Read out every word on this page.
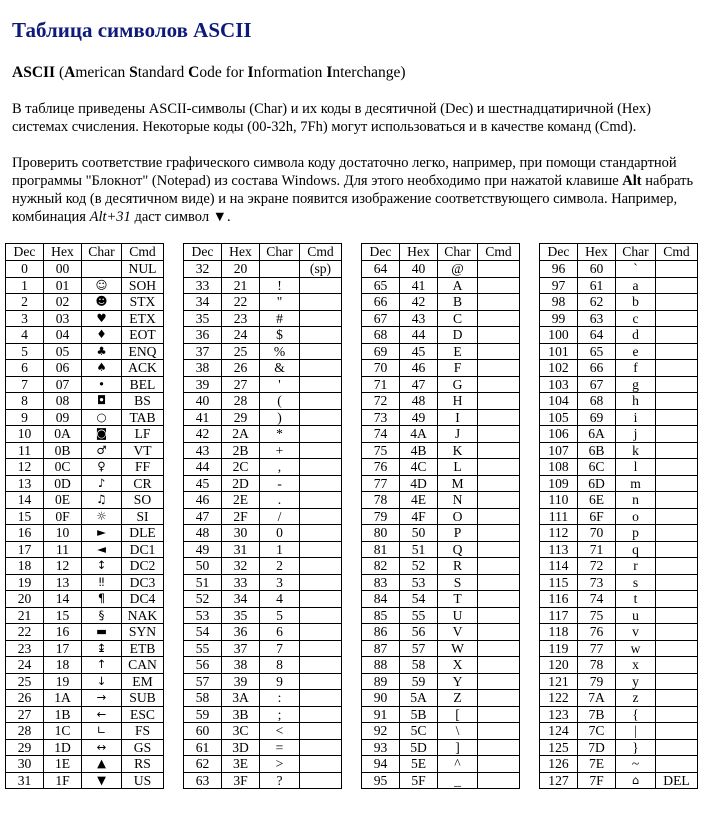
Таблица символов ASCII
ASCII (American Standard Code for Information Interchange)
В таблице приведены ASCII-символы (Char) и их коды в десятичной (Dec) и шестнадцатиричной (Hex) системах счисления. Некоторые коды (00-32h, 7Fh) могут использоваться и в качестве команд (Cmd).
Проверить соответствие графического символа коду достаточно легко, например, при помощи стандартной программы "Блокнот" (Notepad) из состава Windows. Для этого необходимо при нажатой клавише Alt набрать нужный код (в десятичном виде) и на экране появится изображение соответствующего символа. Например, комбинация Alt+31 даст символ ▼.
Dec	Hex	Char	Cmd
0	00		NUL
1	01	☺	SOH
2	02	☻	STX
3	03	♥	ETX
4	04	♦	EOT
5	05	♣	ENQ
6	06	♠	ACK
7	07	•	BEL
8	08	◘	BS
9	09	○	TAB
10	0A	◙	LF
11	0B	♂	VT
12	0C	♀	FF
13	0D	♪	CR
14	0E	♫	SO
15	0F	☼	SI
16	10	►	DLE
17	11	◄	DC1
18	12	↕	DC2
19	13	‼	DC3
20	14	¶	DC4
21	15	§	NAK
22	16	▬	SYN
23	17	↨	ETB
24	18	↑	CAN
25	19	↓	EM
26	1A	→	SUB
27	1B	←	ESC
28	1C	∟	FS
29	1D	↔	GS
30	1E	▲	RS
31	1F	▼	US
Dec	Hex	Char	Cmd
32	20		(sp)
33	21	!	
34	22	"	
35	23	#	
36	24	$	
37	25	%	
38	26	&	
39	27	'	
40	28	(	
41	29	)	
42	2A	*	
43	2B	+	
44	2C	,	
45	2D	-	
46	2E	.	
47	2F	/	
48	30	0	
49	31	1	
50	32	2	
51	33	3	
52	34	4	
53	35	5	
54	36	6	
55	37	7	
56	38	8	
57	39	9	
58	3A	:	
59	3B	;	
60	3C	<	
61	3D	=	
62	3E	>	
63	3F	?	
Dec	Hex	Char	Cmd
64	40	@	
65	41	A	
66	42	B	
67	43	C	
68	44	D	
69	45	E	
70	46	F	
71	47	G	
72	48	H	
73	49	I	
74	4A	J	
75	4B	K	
76	4C	L	
77	4D	M	
78	4E	N	
79	4F	O	
80	50	P	
81	51	Q	
82	52	R	
83	53	S	
84	54	T	
85	55	U	
86	56	V	
87	57	W	
88	58	X	
89	59	Y	
90	5A	Z	
91	5B	[	
92	5C	\	
93	5D	]	
94	5E	^	
95	5F	_	
Dec	Hex	Char	Cmd
96	60	`	
97	61	a	
98	62	b	
99	63	c	
100	64	d	
101	65	e	
102	66	f	
103	67	g	
104	68	h	
105	69	i	
106	6A	j	
107	6B	k	
108	6C	l	
109	6D	m	
110	6E	n	
111	6F	o	
112	70	p	
113	71	q	
114	72	r	
115	73	s	
116	74	t	
117	75	u	
118	76	v	
119	77	w	
120	78	x	
121	79	y	
122	7A	z	
123	7B	{	
124	7C	|	
125	7D	}	
126	7E	~	
127	7F	⌂	DEL
